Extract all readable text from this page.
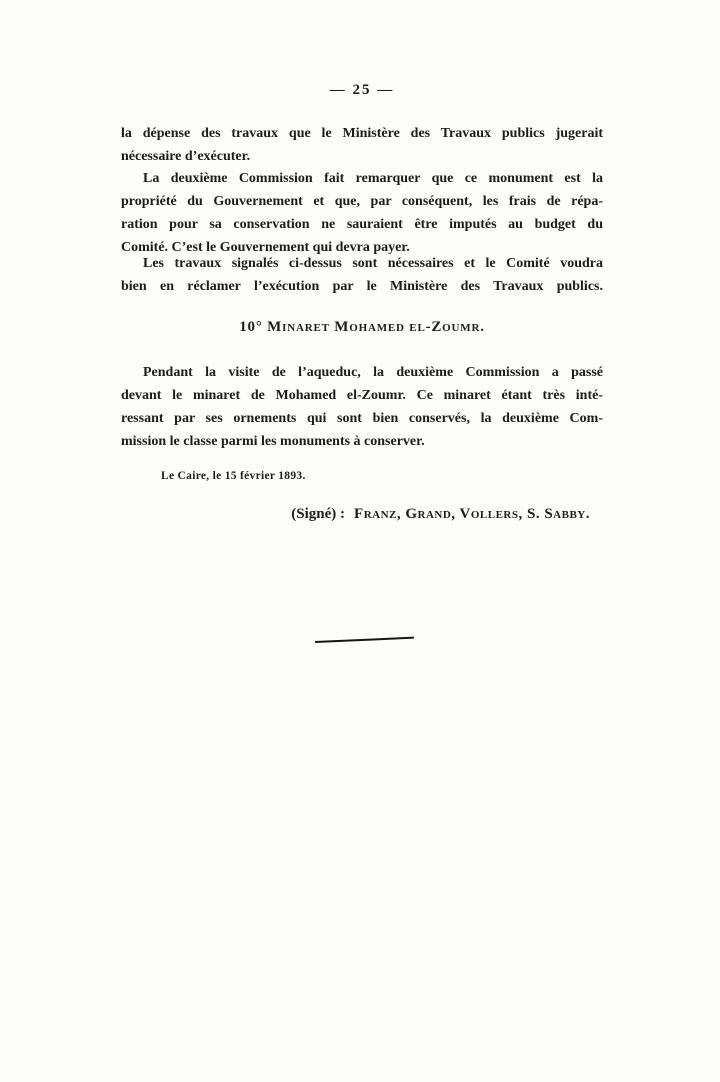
— 25 —
la dépense des travaux que le Ministère des Travaux publics jugerait
nécessaire d’exécuter.
La deuxième Commission fait remarquer que ce monument est la
propriété du Gouvernement et que, par conséquent, les frais de répa-
ration pour sa conservation ne sauraient être imputés au budget du
Comité. C’est le Gouvernement qui devra payer.
Les travaux signalés ci-dessus sont nécessaires et le Comité voudra
bien en réclamer l’exécution par le Ministère des Travaux publics.
10° Minaret Mohamed el-Zoumr.
Pendant la visite de l’aqueduc, la deuxième Commission a passé
devant le minaret de Mohamed el-Zoumr. Ce minaret étant très inté-
ressant par ses ornements qui sont bien conservés, la deuxième Com-
mission le classe parmi les monuments à conserver.
Le Caire, le 15 février 1893.
(Signé) : Franz, Grand, Vollers, S. Sabby.
